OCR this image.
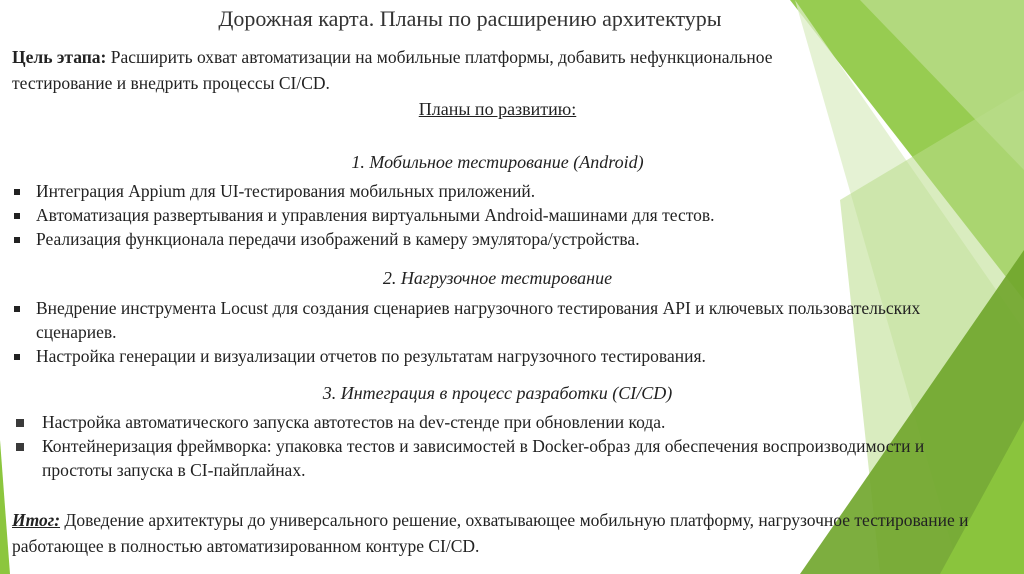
Дорожная карта. Планы по расширению архитектуры
Цель этапа: Расширить охват автоматизации на мобильные платформы, добавить нефункциональное тестирование и внедрить процессы CI/CD.
Планы по развитию:
1. Мобильное тестирование (Android)
Интеграция Appium для UI-тестирования мобильных приложений.
Автоматизация развертывания и управления виртуальными Android-машинами для тестов.
Реализация функционала передачи изображений в камеру эмулятора/устройства.
2. Нагрузочное тестирование
Внедрение инструмента Locust для создания сценариев нагрузочного тестирования API и ключевых пользовательских сценариев.
Настройка генерации и визуализации отчетов по результатам нагрузочного тестирования.
3. Интеграция в процесс разработки (CI/CD)
Настройка автоматического запуска автотестов на dev-стенде при обновлении кода.
Контейнеризация фреймворка: упаковка тестов и зависимостей в Docker-образ для обеспечения воспроизводимости и простоты запуска в CI-пайплайнах.
Итог: Доведение архитектуры до универсального решение, охватывающее мобильную платформу, нагрузочное тестирование и работающее в полностью автоматизированном контуре CI/CD.
